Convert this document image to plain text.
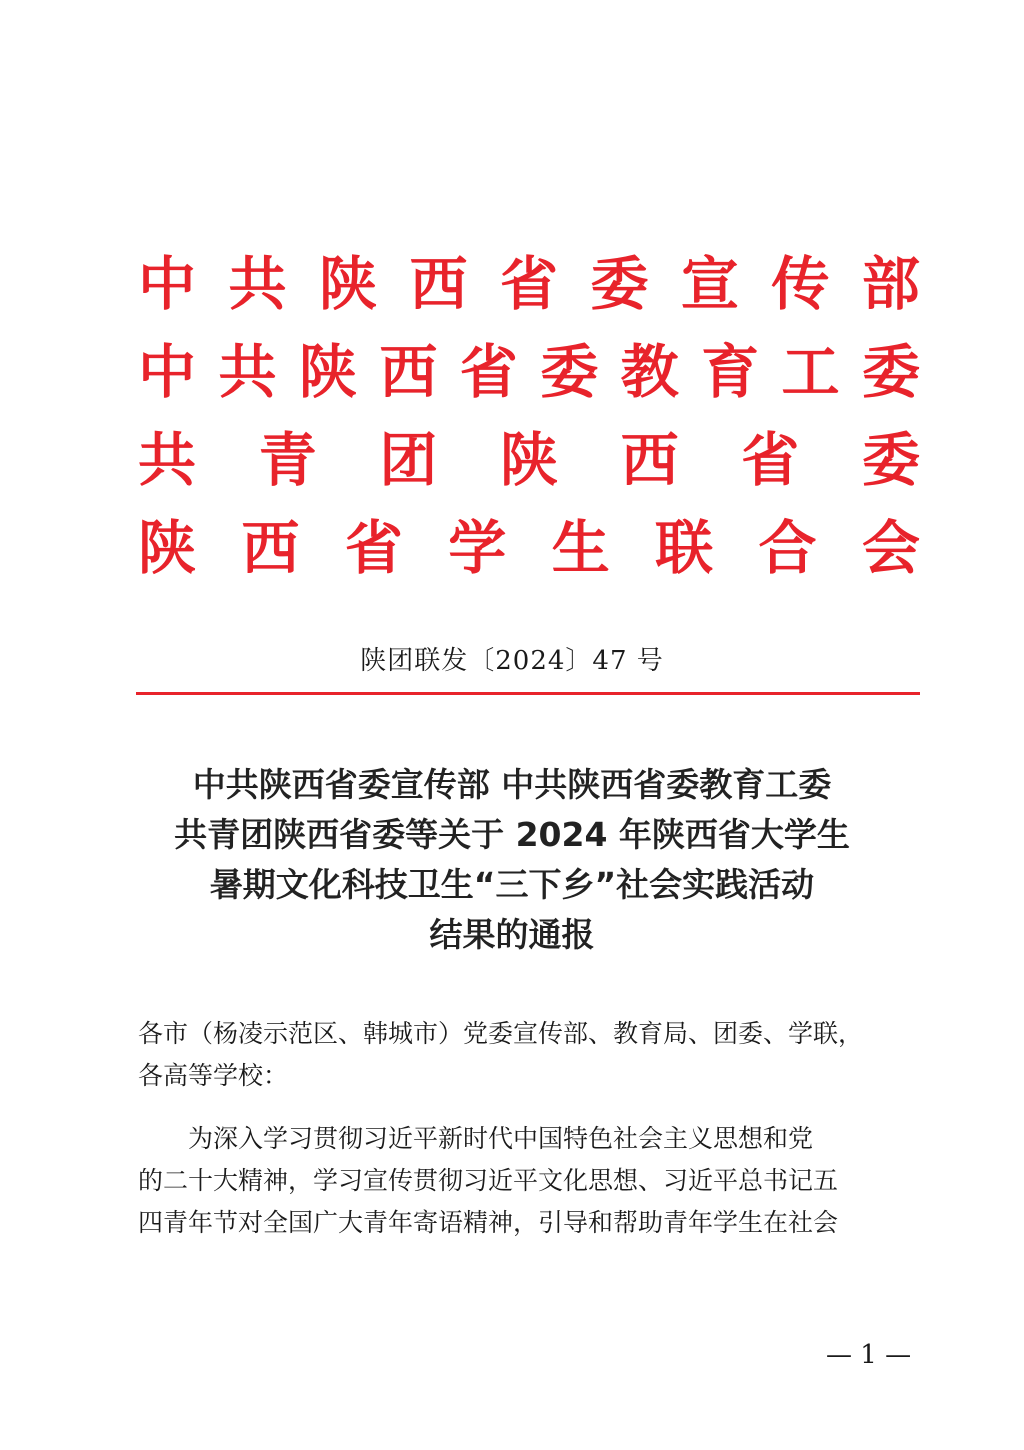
中 共 陕 西 省 委 宣 传 部
中 共 陕 西 省 委 教 育 工 委
共 青 团 陕 西 省 委
陕 西 省 学 生 联 合 会
陕团联发〔2024〕47 号
中共陕西省委宣传部 中共陕西省委教育工委
共青团陕西省委等关于 2024 年陕西省大学生
暑期文化科技卫生“三下乡”社会实践活动
结果的通报
各市（杨凌示范区、韩城市）党委宣传部、教育局、团委、学联，
各高等学校：
为深入学习贯彻习近平新时代中国特色社会主义思想和党
的二十大精神，学习宣传贯彻习近平文化思想、习近平总书记五
四青年节对全国广大青年寄语精神，引导和帮助青年学生在社会
— 1 —
